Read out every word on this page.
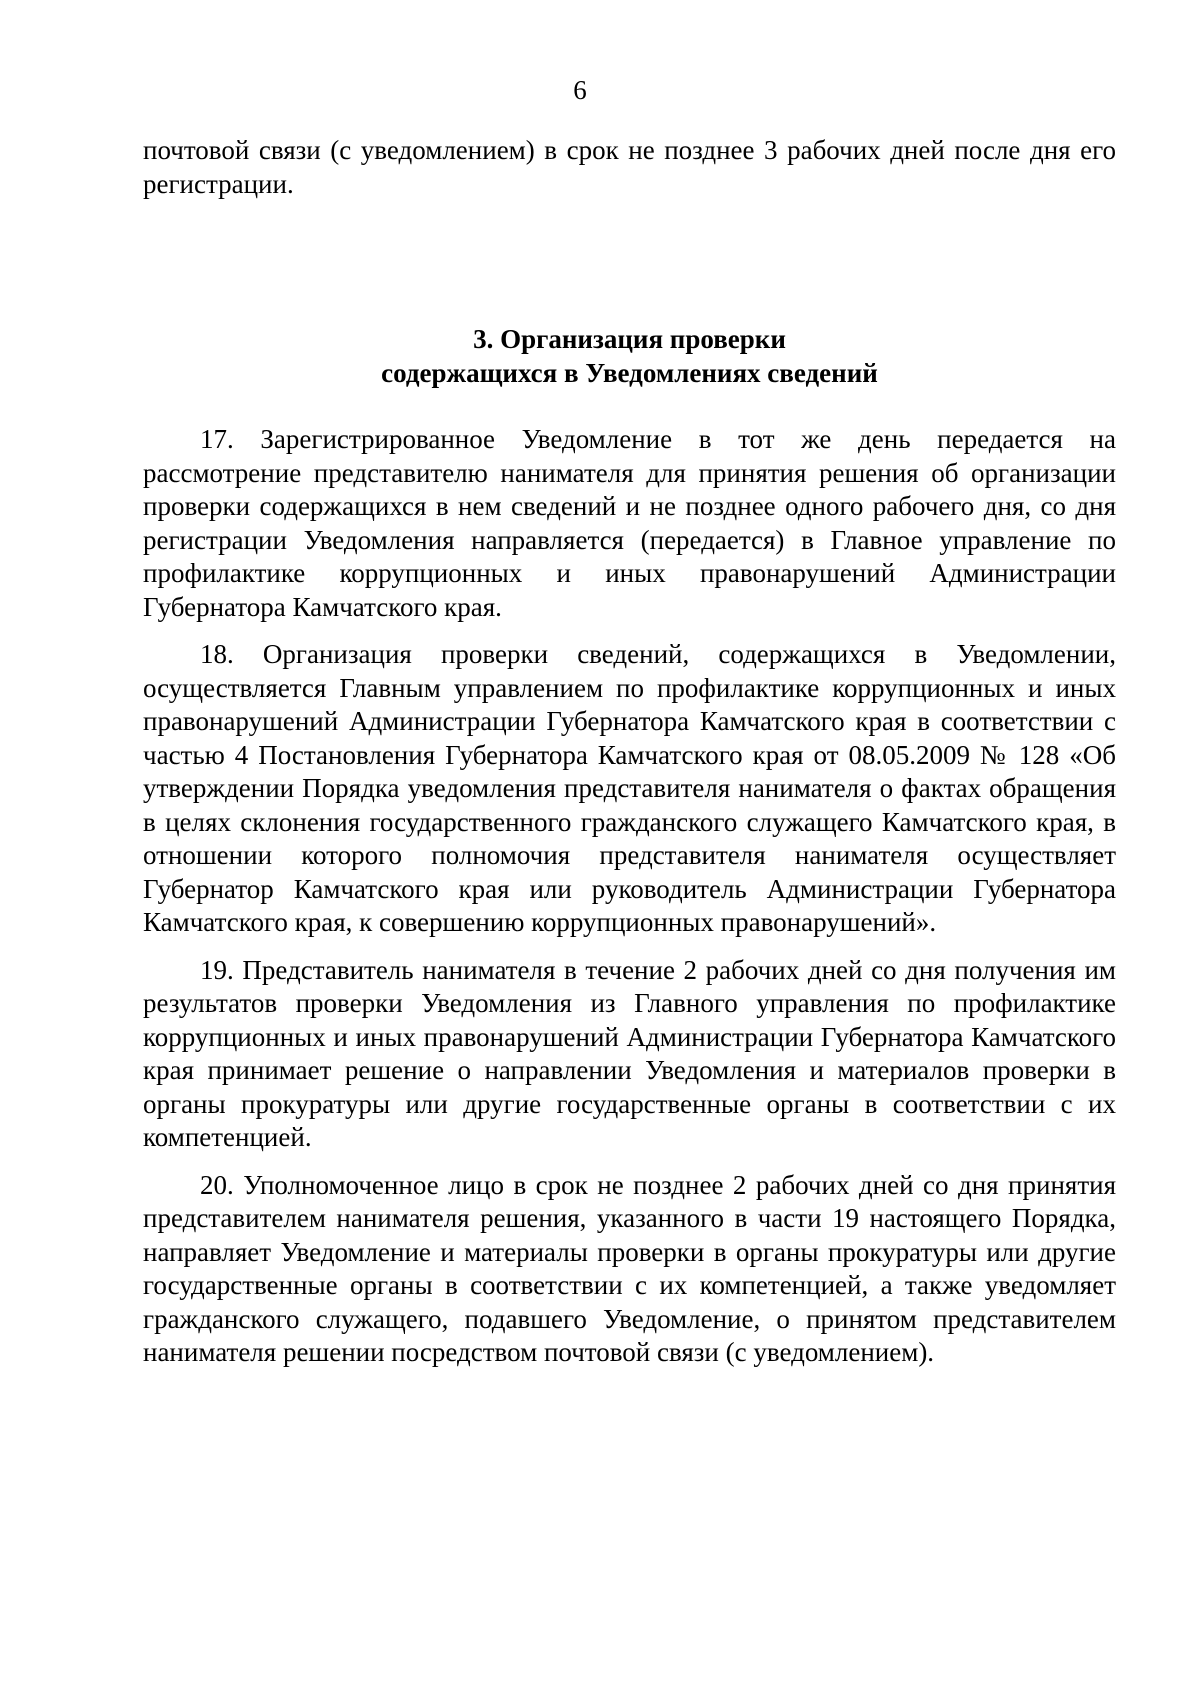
6

почтовой связи (с уведомлением) в срок не позднее 3 рабочих дней после дня его регистрации.

3. Организация проверки
содержащихся в Уведомлениях сведений

17. Зарегистрированное Уведомление в тот же день передается на рассмотрение представителю нанимателя для принятия решения об организации проверки содержащихся в нем сведений и не позднее одного рабочего дня, со дня регистрации Уведомления направляется (передается) в Главное управление по профилактике коррупционных и иных правонарушений Администрации Губернатора Камчатского края.

18. Организация проверки сведений, содержащихся в Уведомлении, осуществляется Главным управлением по профилактике коррупционных и иных правонарушений Администрации Губернатора Камчатского края в соответствии с частью 4 Постановления Губернатора Камчатского края от 08.05.2009 № 128 «Об утверждении Порядка уведомления представителя нанимателя о фактах обращения в целях склонения государственного гражданского служащего Камчатского края, в отношении которого полномочия представителя нанимателя осуществляет Губернатор Камчатского края или руководитель Администрации Губернатора Камчатского края, к совершению коррупционных правонарушений».

19. Представитель нанимателя в течение 2 рабочих дней со дня получения им результатов проверки Уведомления из Главного управления по профилактике коррупционных и иных правонарушений Администрации Губернатора Камчатского края принимает решение о направлении Уведомления и материалов проверки в органы прокуратуры или другие государственные органы в соответствии с их компетенцией.

20. Уполномоченное лицо в срок не позднее 2 рабочих дней со дня принятия представителем нанимателя решения, указанного в части 19 настоящего Порядка, направляет Уведомление и материалы проверки в органы прокуратуры или другие государственные органы в соответствии с их компетенцией, а также уведомляет гражданского служащего, подавшего Уведомление, о принятом представителем нанимателя решении посредством почтовой связи (с уведомлением).
